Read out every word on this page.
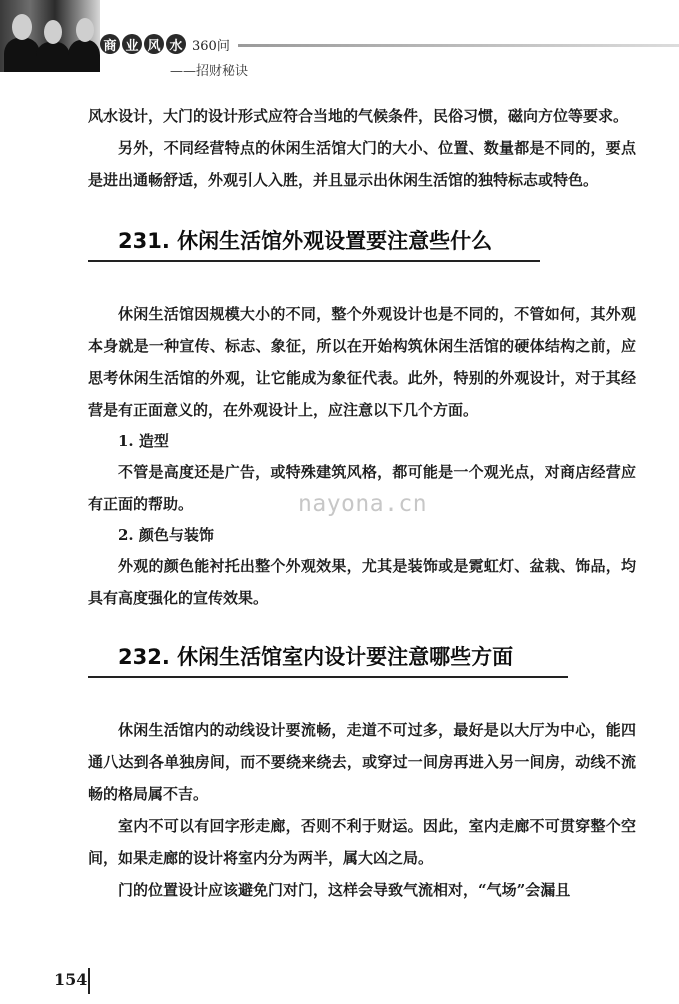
商 业 风 水 360问
——招财秘诀

风水设计，大门的设计形式应符合当地的气候条件，民俗习惯，磁向方位等要求。

另外，不同经营特点的休闲生活馆大门的大小、位置、数量都是不同的，要点是进出通畅舒适，外观引人入胜，并且显示出休闲生活馆的独特标志或特色。

231. 休闲生活馆外观设置要注意些什么

休闲生活馆因规模大小的不同，整个外观设计也是不同的，不管如何，其外观本身就是一种宣传、标志、象征，所以在开始构筑休闲生活馆的硬体结构之前，应思考休闲生活馆的外观，让它能成为象征代表。此外，特别的外观设计，对于其经营是有正面意义的，在外观设计上，应注意以下几个方面。

1. 造型

不管是高度还是广告，或特殊建筑风格，都可能是一个观光点，对商店经营应有正面的帮助。

2. 颜色与装饰

外观的颜色能衬托出整个外观效果，尤其是装饰或是霓虹灯、盆栽、饰品，均具有高度强化的宣传效果。

232. 休闲生活馆室内设计要注意哪些方面

休闲生活馆内的动线设计要流畅，走道不可过多，最好是以大厅为中心，能四通八达到各单独房间，而不要绕来绕去，或穿过一间房再进入另一间房，动线不流畅的格局属不吉。

室内不可以有回字形走廊，否则不利于财运。因此，室内走廊不可贯穿整个空间，如果走廊的设计将室内分为两半，属大凶之局。

门的位置设计应该避免门对门，这样会导致气流相对，“气场”会漏且

nayona.cn
154
